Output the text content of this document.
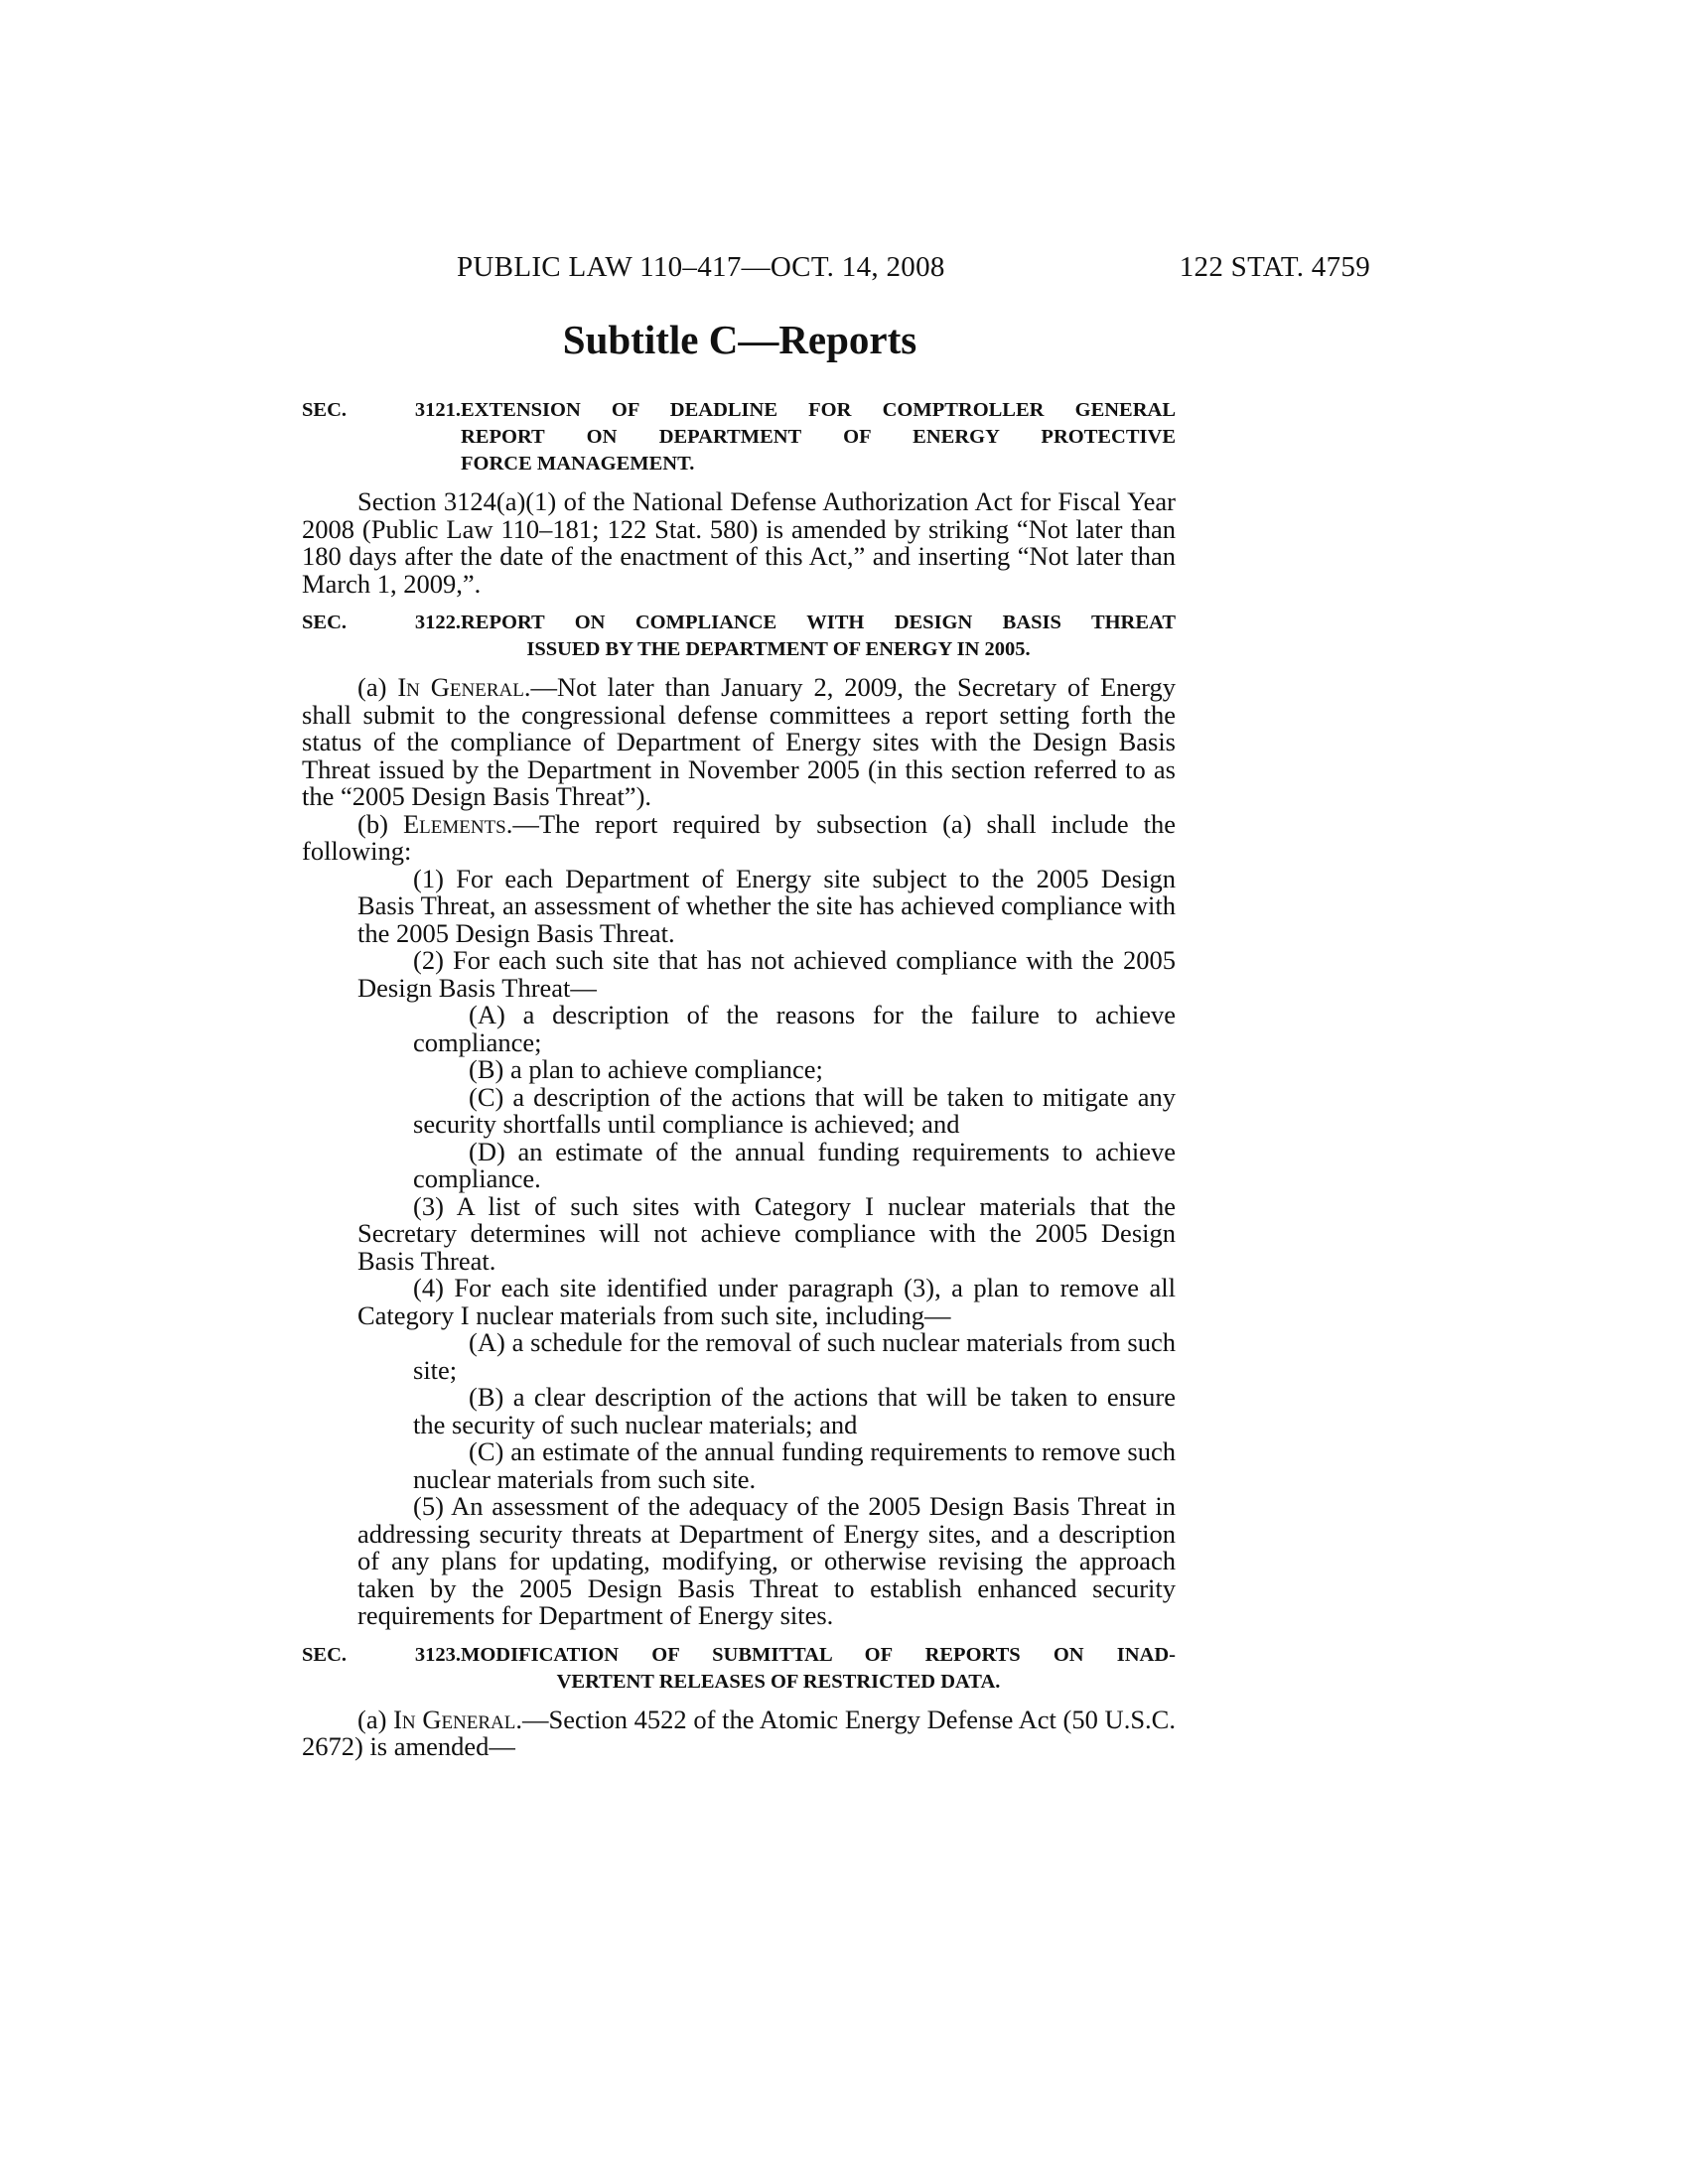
PUBLIC LAW 110–417—OCT. 14, 2008	122 STAT. 4759
Subtitle C—Reports
SEC. 3121.EXTENSION OF DEADLINE FOR COMPTROLLER GENERAL
REPORT ON DEPARTMENT OF ENERGY PROTECTIVE
FORCE MANAGEMENT.

Section 3124(a)(1) of the National Defense Authorization Act for Fiscal Year 2008 (Public Law 110–181; 122 Stat. 580) is amended by striking “Not later than 180 days after the date of the enactment of this Act,” and inserting “Not later than March 1, 2009,”.

SEC. 3122.REPORT ON COMPLIANCE WITH DESIGN BASIS THREAT
ISSUED BY THE DEPARTMENT OF ENERGY IN 2005.

(a) In General.—Not later than January 2, 2009, the Secretary of Energy shall submit to the congressional defense committees a report setting forth the status of the compliance of Department of Energy sites with the Design Basis Threat issued by the Department in November 2005 (in this section referred to as the “2005 Design Basis Threat”).

(b) Elements.—The report required by subsection (a) shall include the following:

(1) For each Department of Energy site subject to the 2005 Design Basis Threat, an assessment of whether the site has achieved compliance with the 2005 Design Basis Threat.

(2) For each such site that has not achieved compliance with the 2005 Design Basis Threat—

(A) a description of the reasons for the failure to achieve compliance;

(B) a plan to achieve compliance;

(C) a description of the actions that will be taken to mitigate any security shortfalls until compliance is achieved; and

(D) an estimate of the annual funding requirements to achieve compliance.

(3) A list of such sites with Category I nuclear materials that the Secretary determines will not achieve compliance with the 2005 Design Basis Threat.

(4) For each site identified under paragraph (3), a plan to remove all Category I nuclear materials from such site, including—

(A) a schedule for the removal of such nuclear materials from such site;

(B) a clear description of the actions that will be taken to ensure the security of such nuclear materials; and

(C) an estimate of the annual funding requirements to remove such nuclear materials from such site.

(5) An assessment of the adequacy of the 2005 Design Basis Threat in addressing security threats at Department of Energy sites, and a description of any plans for updating, modifying, or otherwise revising the approach taken by the 2005 Design Basis Threat to establish enhanced security requirements for Department of Energy sites.

SEC. 3123.MODIFICATION OF SUBMITTAL OF REPORTS ON INAD-
VERTENT RELEASES OF RESTRICTED DATA.

(a) In General.—Section 4522 of the Atomic Energy Defense Act (50 U.S.C. 2672) is amended—
